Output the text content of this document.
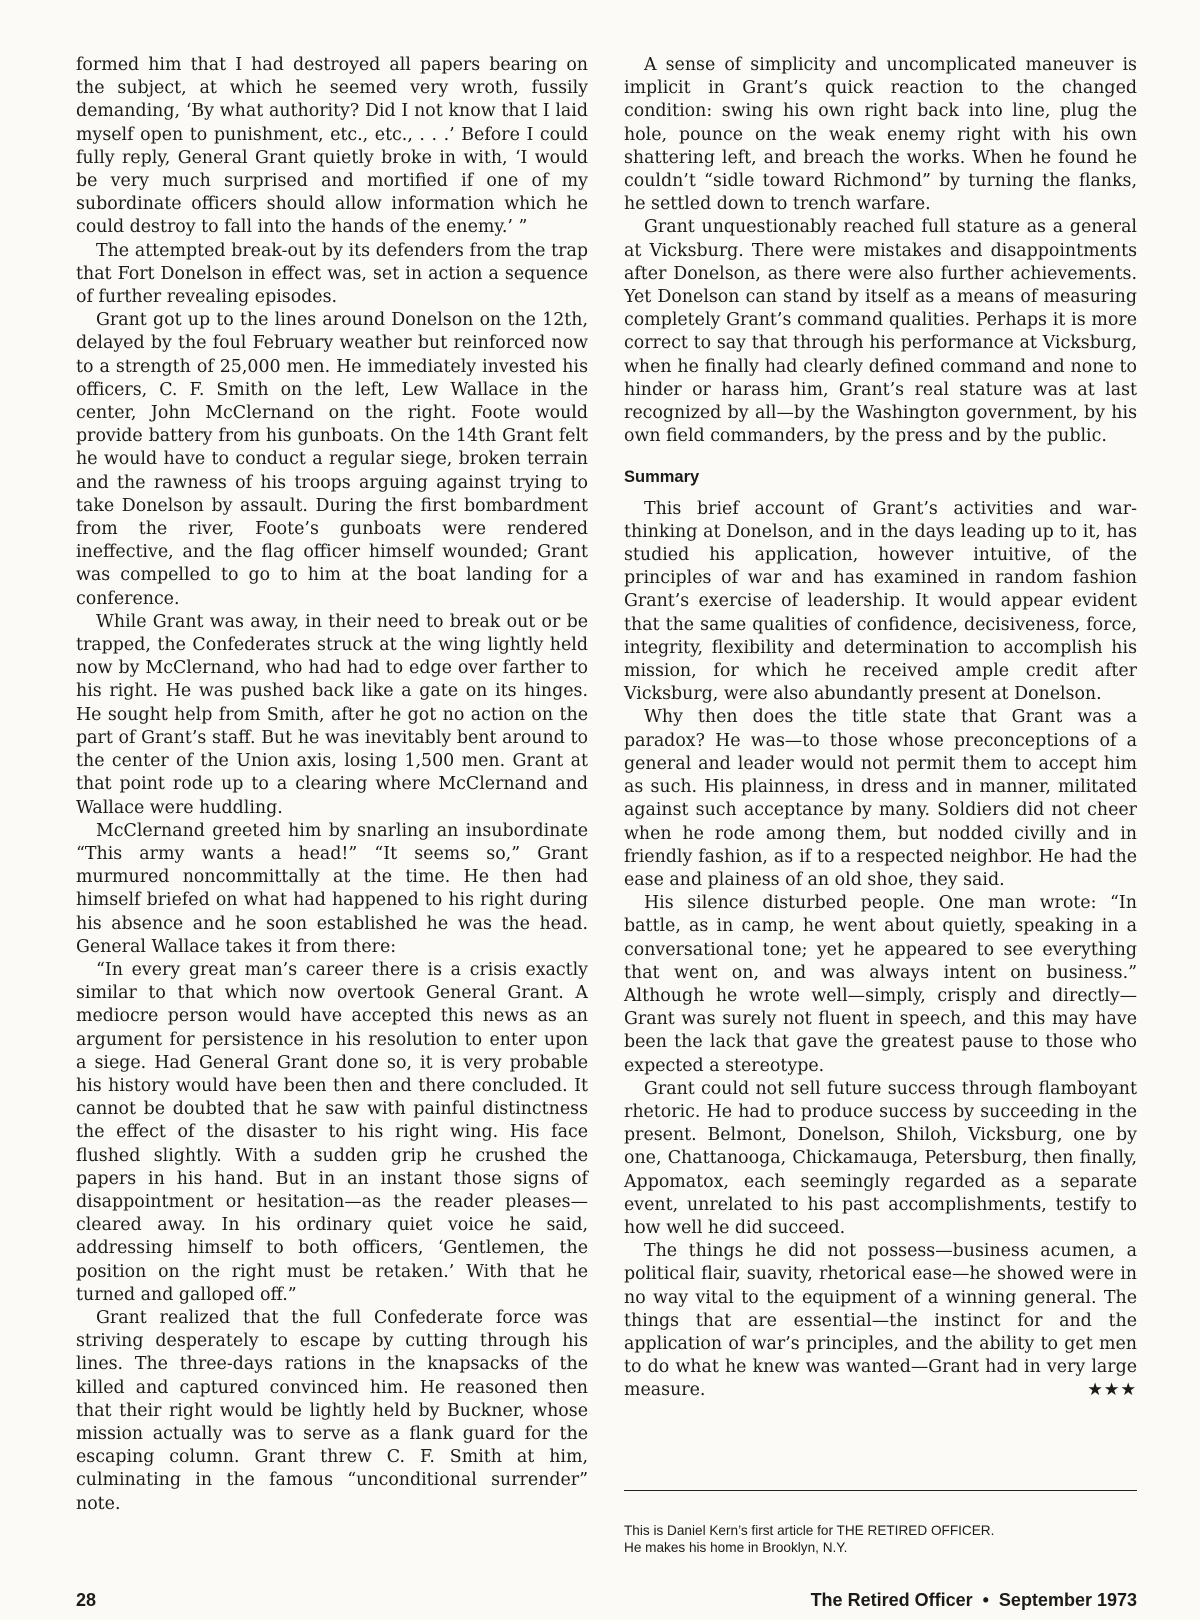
formed him that I had destroyed all papers bearing on the subject, at which he seemed very wroth, fussily demanding, ‘By what authority? Did I not know that I laid myself open to punishment, etc., etc., . . .’ Before I could fully reply, General Grant quietly broke in with, ‘I would be very much surprised and mortified if one of my subordinate officers should allow information which he could destroy to fall into the hands of the enemy.’ ”

The attempted break-out by its defenders from the trap that Fort Donelson in effect was, set in action a sequence of further revealing episodes.

Grant got up to the lines around Donelson on the 12th, delayed by the foul February weather but reinforced now to a strength of 25,000 men. He immediately invested his officers, C. F. Smith on the left, Lew Wallace in the center, John McClernand on the right. Foote would provide battery from his gunboats. On the 14th Grant felt he would have to conduct a regular siege, broken terrain and the rawness of his troops arguing against trying to take Donelson by assault. During the first bombardment from the river, Foote’s gunboats were rendered ineffective, and the flag officer himself wounded; Grant was compelled to go to him at the boat landing for a conference.

While Grant was away, in their need to break out or be trapped, the Confederates struck at the wing lightly held now by McClernand, who had had to edge over farther to his right. He was pushed back like a gate on its hinges. He sought help from Smith, after he got no action on the part of Grant’s staff. But he was inevitably bent around to the center of the Union axis, losing 1,500 men. Grant at that point rode up to a clearing where McClernand and Wallace were huddling.

McClernand greeted him by snarling an insubordinate “This army wants a head!” “It seems so,” Grant murmured noncommittally at the time. He then had himself briefed on what had happened to his right during his absence and he soon established he was the head. General Wallace takes it from there:

“In every great man’s career there is a crisis exactly similar to that which now overtook General Grant. A mediocre person would have accepted this news as an argument for persistence in his resolution to enter upon a siege. Had General Grant done so, it is very probable his history would have been then and there concluded. It cannot be doubted that he saw with painful distinctness the effect of the disaster to his right wing. His face flushed slightly. With a sudden grip he crushed the papers in his hand. But in an instant those signs of disappointment or hesitation—as the reader pleases—cleared away. In his ordinary quiet voice he said, addressing himself to both officers, ‘Gentlemen, the position on the right must be retaken.’ With that he turned and galloped off.”

Grant realized that the full Confederate force was striving desperately to escape by cutting through his lines. The three-days rations in the knapsacks of the killed and captured convinced him. He reasoned then that their right would be lightly held by Buckner, whose mission actually was to serve as a flank guard for the escaping column. Grant threw C. F. Smith at him, culminating in the famous “unconditional surrender” note.

A sense of simplicity and uncomplicated maneuver is implicit in Grant’s quick reaction to the changed condition: swing his own right back into line, plug the hole, pounce on the weak enemy right with his own shattering left, and breach the works. When he found he couldn’t “sidle toward Richmond” by turning the flanks, he settled down to trench warfare.

Grant unquestionably reached full stature as a general at Vicksburg. There were mistakes and disappointments after Donelson, as there were also further achievements. Yet Donelson can stand by itself as a means of measuring completely Grant’s command qualities. Perhaps it is more correct to say that through his performance at Vicksburg, when he finally had clearly defined command and none to hinder or harass him, Grant’s real stature was at last recognized by all—by the Washington government, by his own field commanders, by the press and by the public.

Summary

This brief account of Grant’s activities and war-thinking at Donelson, and in the days leading up to it, has studied his application, however intuitive, of the principles of war and has examined in random fashion Grant’s exercise of leadership. It would appear evident that the same qualities of confidence, decisiveness, force, integrity, flexibility and determination to accomplish his mission, for which he received ample credit after Vicksburg, were also abundantly present at Donelson.

Why then does the title state that Grant was a paradox? He was—to those whose preconceptions of a general and leader would not permit them to accept him as such. His plainness, in dress and in manner, militated against such acceptance by many. Soldiers did not cheer when he rode among them, but nodded civilly and in friendly fashion, as if to a respected neighbor. He had the ease and plainess of an old shoe, they said.

His silence disturbed people. One man wrote: “In battle, as in camp, he went about quietly, speaking in a conversational tone; yet he appeared to see everything that went on, and was always intent on business.” Although he wrote well—simply, crisply and directly—Grant was surely not fluent in speech, and this may have been the lack that gave the greatest pause to those who expected a stereotype.

Grant could not sell future success through flamboyant rhetoric. He had to produce success by succeeding in the present. Belmont, Donelson, Shiloh, Vicksburg, one by one, Chattanooga, Chickamauga, Petersburg, then finally, Appomatox, each seemingly regarded as a separate event, unrelated to his past accomplishments, testify to how well he did succeed.

The things he did not possess—business acumen, a political flair, suavity, rhetorical ease—he showed were in no way vital to the equipment of a winning general. The things that are essential—the instinct for and the application of war’s principles, and the ability to get men to do what he knew was wanted—Grant had in very large measure.	★★★

This is Daniel Kern’s first article for THE RETIRED OFFICER.
He makes his home in Brooklyn, N.Y.
28	The Retired Officer • September 1973
